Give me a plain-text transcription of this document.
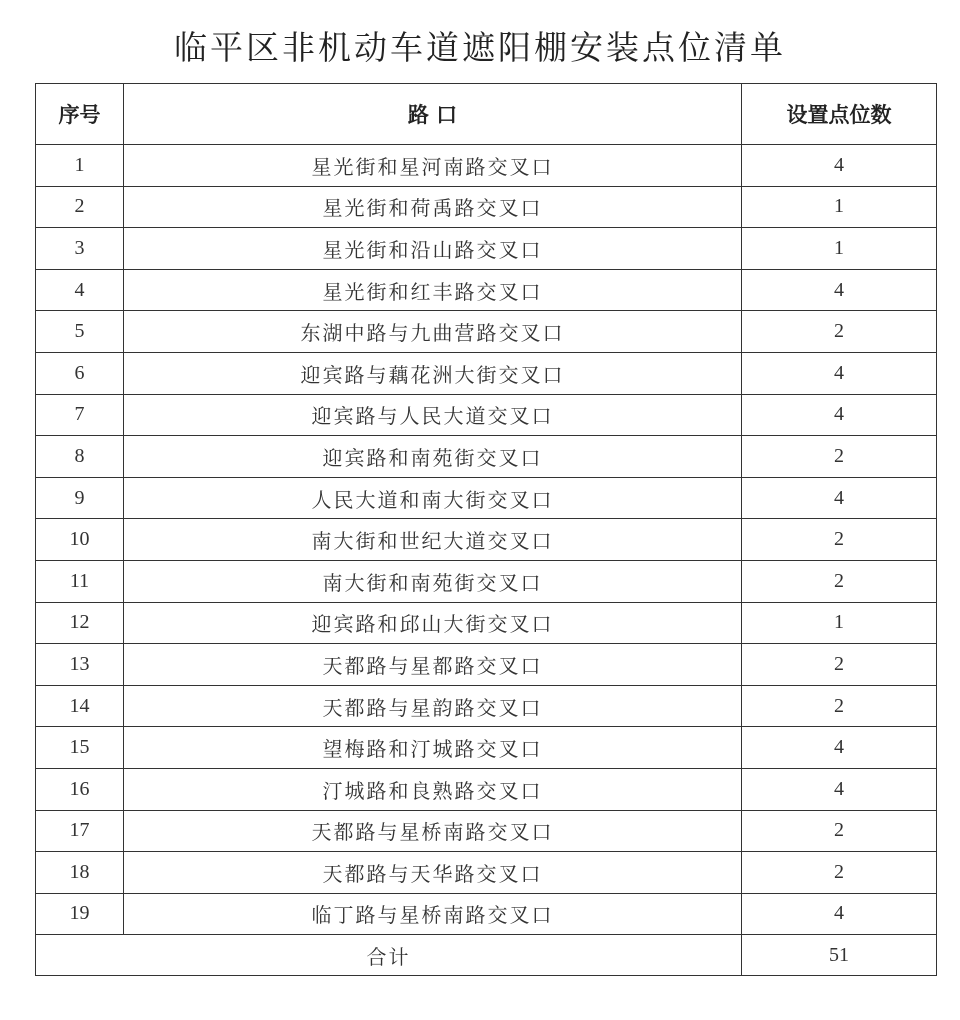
临平区非机动车道遮阳棚安装点位清单
序号	路 口	设置点位数
1	星光街和星河南路交叉口	4
2	星光街和荷禹路交叉口	1
3	星光街和沿山路交叉口	1
4	星光街和红丰路交叉口	4
5	东湖中路与九曲营路交叉口	2
6	迎宾路与藕花洲大街交叉口	4
7	迎宾路与人民大道交叉口	4
8	迎宾路和南苑街交叉口	2
9	人民大道和南大街交叉口	4
10	南大街和世纪大道交叉口	2
11	南大街和南苑街交叉口	2
12	迎宾路和邱山大街交叉口	1
13	天都路与星都路交叉口	2
14	天都路与星韵路交叉口	2
15	望梅路和汀城路交叉口	4
16	汀城路和良熟路交叉口	4
17	天都路与星桥南路交叉口	2
18	天都路与天华路交叉口	2
19	临丁路与星桥南路交叉口	4
合计		51
